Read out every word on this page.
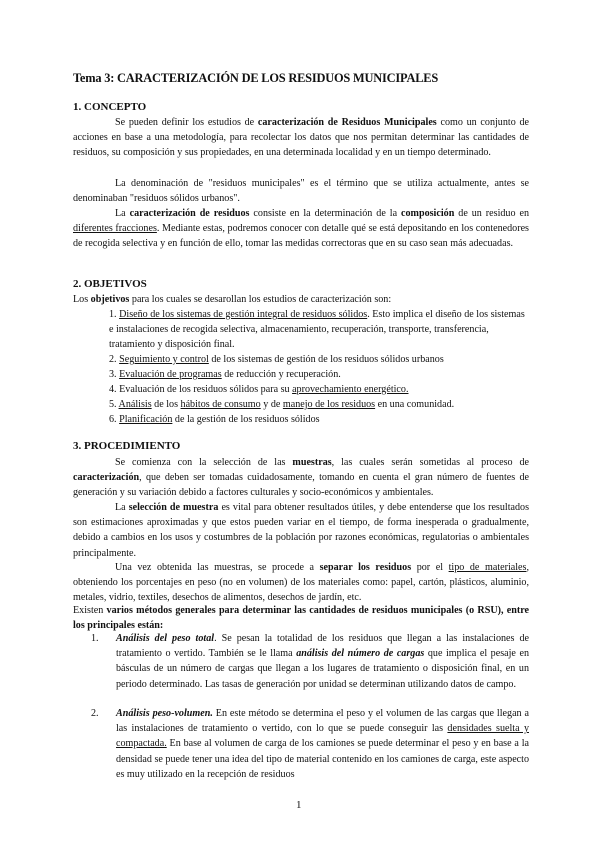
Tema 3: CARACTERIZACIÓN DE LOS RESIDUOS MUNICIPALES
1. CONCEPTO
Se pueden definir los estudios de caracterización de Residuos Municipales como un conjunto de acciones en base a una metodología, para recolectar los datos que nos permitan determinar las cantidades de residuos, su composición y sus propiedades, en una determinada localidad y en un tiempo determinado.
La denominación de "residuos municipales" es el término que se utiliza actualmente, antes se denominaban "residuos sólidos urbanos".
La caracterización de residuos consiste en la determinación de la composición de un residuo en diferentes fracciones. Mediante estas, podremos conocer con detalle qué se está depositando en los contenedores de recogida selectiva y en función de ello, tomar las medidas correctoras que en su caso sean más adecuadas.
2. OBJETIVOS
Los objetivos para los cuales se desarollan los estudios de caracterización son:
1. Diseño de los sistemas de gestión integral de residuos sólidos. Esto implica el diseño de los sistemas e instalaciones de recogida selectiva, almacenamiento, recuperación, transporte, transferencia, tratamiento y disposición final.
2. Seguimiento y control de los sistemas de gestión de los residuos sólidos urbanos
3. Evaluación de programas de reducción y recuperación.
4. Evaluación de los residuos sólidos para su aprovechamiento energético.
5. Análisis de los hábitos de consumo y de manejo de los residuos en una comunidad.
6. Planificación de la gestión de los residuos sólidos
3. PROCEDIMIENTO
Se comienza con la selección de las muestras, las cuales serán sometidas al proceso de caracterización, que deben ser tomadas cuidadosamente, tomando en cuenta el gran número de fuentes de generación y su variación debido a factores culturales y socio-económicos y ambientales.
La selección de muestra es vital para obtener resultados útiles, y debe entenderse que los resultados son estimaciones aproximadas y que estos pueden variar en el tiempo, de forma inesperada o gradualmente, debido a cambios en los usos y costumbres de la población por razones económicas, regulatorias o ambientales principalmente.
Una vez obtenida las muestras, se procede a separar los residuos por el tipo de materiales, obteniendo los porcentajes en peso (no en volumen) de los materiales como: papel, cartón, plásticos, aluminio, metales, vidrio, textiles, desechos de alimentos, desechos de jardín, etc.
Existen varios métodos generales para determinar las cantidades de residuos municipales (o RSU), entre los principales están:
1. Análisis del peso total. Se pesan la totalidad de los residuos que llegan a las instalaciones de tratamiento o vertido. También se le llama análisis del número de cargas que implica el pesaje en básculas de un número de cargas que llegan a los lugares de tratamiento o disposición final, en un periodo determinado. Las tasas de generación por unidad se determinan utilizando datos de campo.
2. Análisis peso-volumen. En este método se determina el peso y el volumen de las cargas que llegan a las instalaciones de tratamiento o vertido, con lo que se puede conseguir las densidades suelta y compactada. En base al volumen de carga de los camiones se puede determinar el peso y en base a la densidad se puede tener una idea del tipo de material contenido en los camiones de carga, este aspecto es muy utilizado en la recepción de residuos
1
